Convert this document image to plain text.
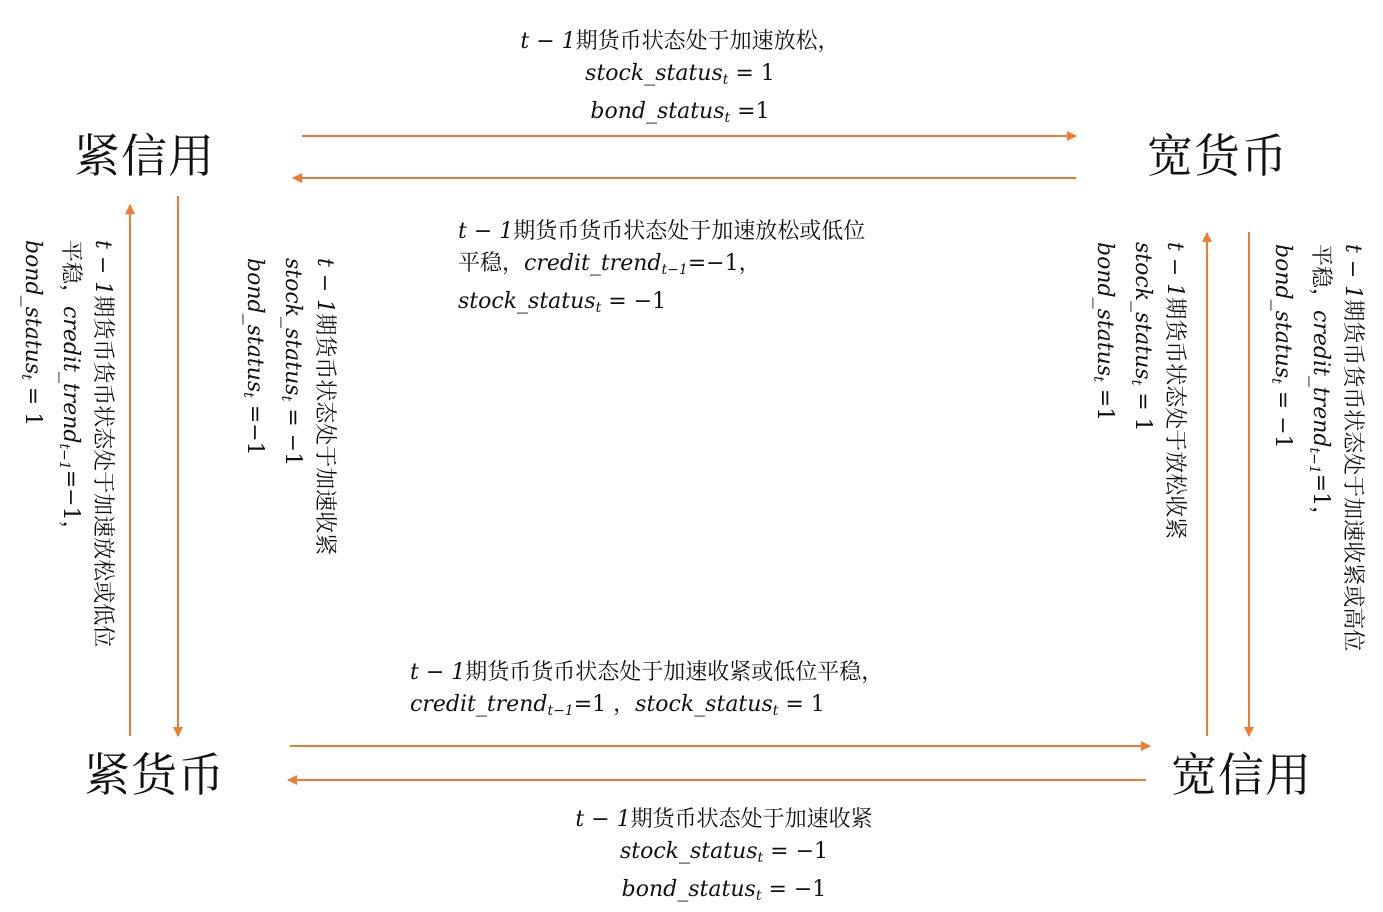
紧信用	宽货币
紧货币	宽信用
t − 1期货币状态处于加速放松，
stock_status$_t$ = 1
bond_status$_t$ =1
t − 1期货币货币状态处于加速放松或低位
平稳，credit_trend$_{t-1}$=−1，
stock_status$_t$ = −1
t − 1期货币货币状态处于加速放松或低位
平稳，credit_trend$_{t-1}$=−1，
bond_status$_t$ = 1
t − 1期货币状态处于加速收紧
stock_status$_t$ = −1
bond_status$_t$ =−1
t − 1期货币状态处于放松收紧
stock_status$_t$ = 1
bond_status$_t$ =1
t − 1期货币货币状态处于加速收紧或高位
平稳，credit_trend$_{t-1}$=1，
bond_status$_t$ = −1
t − 1期货币货币状态处于加速收紧或低位平稳，
credit_trend$_{t-1}$=1 ，stock_status$_t$ = 1
t − 1期货币状态处于加速收紧
stock_status$_t$ = −1
bond_status$_t$ = −1
